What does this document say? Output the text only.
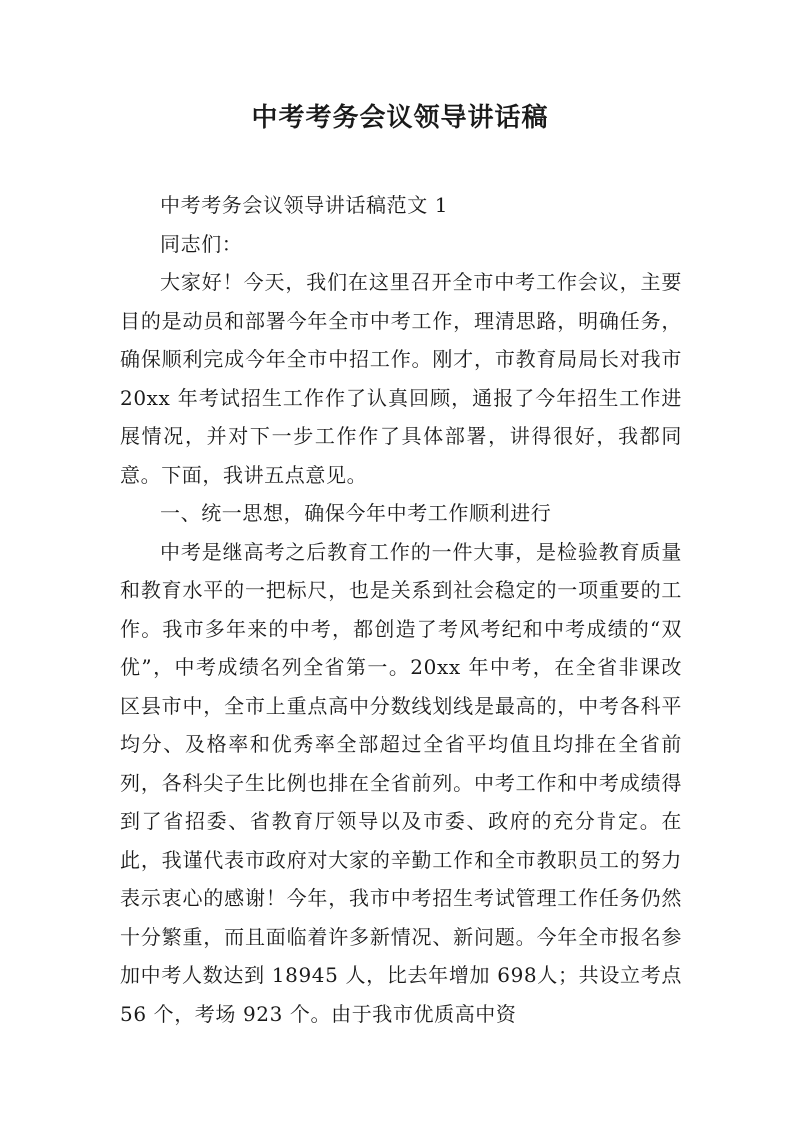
中考考务会议领导讲话稿

中考考务会议领导讲话稿范文 1

同志们：

大家好！今天，我们在这里召开全市中考工作会议，主要目的是动员和部署今年全市中考工作，理清思路，明确任务，确保顺利完成今年全市中招工作。刚才，市教育局局长对我市 20xx 年考试招生工作作了认真回顾，通报了今年招生工作进展情况，并对下一步工作作了具体部署，讲得很好，我都同意。下面，我讲五点意见。

一、统一思想，确保今年中考工作顺利进行

中考是继高考之后教育工作的一件大事，是检验教育质量和教育水平的一把标尺，也是关系到社会稳定的一项重要的工作。我市多年来的中考，都创造了考风考纪和中考成绩的“双优”，中考成绩名列全省第一。20xx 年中考，在全省非课改区县市中，全市上重点高中分数线划线是最高的，中考各科平均分、及格率和优秀率全部超过全省平均值且均排在全省前列，各科尖子生比例也排在全省前列。中考工作和中考成绩得到了省招委、省教育厅领导以及市委、政府的充分肯定。在此，我谨代表市政府对大家的辛勤工作和全市教职员工的努力表示衷心的感谢！今年，我市中考招生考试管理工作任务仍然十分繁重，而且面临着许多新情况、新问题。今年全市报名参加中考人数达到 18945 人，比去年增加 698人；共设立考点 56 个，考场 923 个。由于我市优质高中资
